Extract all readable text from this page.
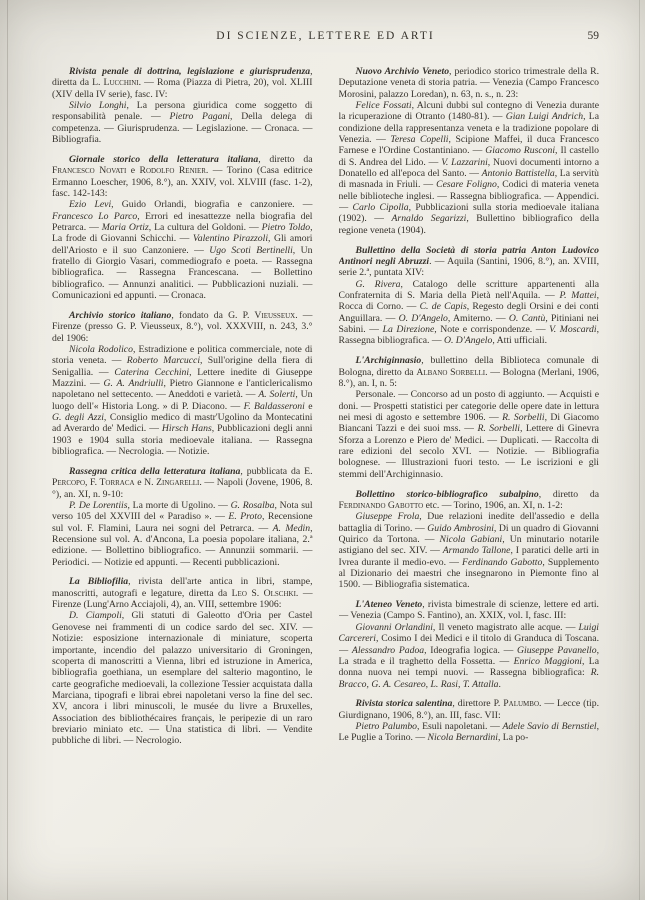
DI SCIENZE, LETTERE ED ARTI	59

Rivista penale di dottrina, legislazione e giurisprudenza, diretta da L. Lucchini. — Roma (Piazza di Pietra, 20), vol. XLIII (XIV della IV serie), fasc. IV:

Silvio Longhi, La persona giuridica come soggetto di responsabilità penale. — Pietro Pagani, Della delega di competenza. — Giurisprudenza. — Legislazione. — Cronaca. — Bibliografia.

Giornale storico della letteratura italiana, diretto da Francesco Novati e Rodolfo Renier. — Torino (Casa editrice Ermanno Loescher, 1906, 8.°), an. XXIV, vol. XLVIII (fasc. 1-2), fasc. 142-143:

Ezio Levi, Guido Orlandi, biografia e canzoniere. — Francesco Lo Parco, Errori ed inesattezze nella biografia del Petrarca. — Maria Ortiz, La cultura del Goldoni. — Pietro Toldo, La frode di Giovanni Schicchi. — Valentino Pirazzoli, Gli amori dell'Ariosto e il suo Canzoniere. — Ugo Scoti Bertinelli, Un fratello di Giorgio Vasari, commediografo e poeta. — Rassegna bibliografica. — Rassegna Francescana. — Bollettino bibliografico. — Annunzi analitici. — Pubblicazioni nuziali. — Comunicazioni ed appunti. — Cronaca.

Archivio storico italiano, fondato da G. P. Vieusseux. — Firenze (presso G. P. Vieusseux, 8.°), vol. XXXVIII, n. 243, 3.° del 1906:

Nicola Rodolico, Estradizione e politica commerciale, note di storia veneta. — Roberto Marcucci, Sull'origine della fiera di Senigallia. — Caterina Cecchini, Lettere inedite di Giuseppe Mazzini. — G. A. Andriulli, Pietro Giannone e l'anticlericalismo napoletano nel settecento. — Aneddoti e varietà. — A. Solerti, Un luogo dell'« Historia Long. » di P. Diacono. — F. Baldasseroni e G. degli Azzi, Consiglio medico di mastr'Ugolino da Montecatini ad Averardo de' Medici. — Hirsch Hans, Pubblicazioni degli anni 1903 e 1904 sulla storia medioevale italiana. — Rassegna bibliografica. — Necrologia. — Notizie.

Rassegna critica della letteratura italiana, pubblicata da E. Percopo, F. Torraca e N. Zingarelli. — Napoli (Jovene, 1906, 8.°), an. XI, n. 9-10:

P. De Lorentiis, La morte di Ugolino. — G. Rosalba, Nota sul verso 105 del XXVIII del « Paradiso ». — E. Proto, Recensione sul vol. F. Flamini, Laura nei sogni del Petrarca. — A. Medin, Recensione sul vol. A. d'Ancona, La poesia popolare italiana, 2.ª edizione. — Bollettino bibliografico. — Annunzii sommarii. — Periodici. — Notizie ed appunti. — Recenti pubblicazioni.

La Bibliofilia, rivista dell'arte antica in libri, stampe, manoscritti, autografi e legature, diretta da Leo S. Olschki. — Firenze (Lung'Arno Acciajoli, 4), an. VIII, settembre 1906:

D. Ciampoli, Gli statuti di Galeotto d'Oria per Castel Genovese nei frammenti di un codice sardo del sec. XIV. — Notizie: esposizione internazionale di miniature, scoperta importante, incendio del palazzo universitario di Groningen, scoperta di manoscritti a Vienna, libri ed istruzione in America, bibliografia goethiana, un esemplare del salterio magontino, le carte geografiche medioevali, la collezione Tessier acquistata dalla Marciana, tipografi e librai ebrei napoletani verso la fine del sec. XV, ancora i libri minuscoli, le musée du livre a Bruxelles, Association des bibliothécaires français, le peripezie di un raro breviario miniato etc. — Una statistica di libri. — Vendite pubbliche di libri. — Necrologio.

Nuovo Archivio Veneto, periodico storico trimestrale della R. Deputazione veneta di storia patria. — Venezia (Campo Francesco Morosini, palazzo Loredan), n. 63, n. s., n. 23:

Felice Fossati, Alcuni dubbi sul contegno di Venezia durante la ricuperazione di Otranto (1480-81). — Gian Luigi Andrich, La condizione della rappresentanza veneta e la tradizione popolare di Venezia. — Teresa Copelli, Scipione Maffei, il duca Francesco Farnese e l'Ordine Costantiniano. — Giacomo Rusconi, Il castello di S. Andrea del Lido. — V. Lazzarini, Nuovi documenti intorno a Donatello ed all'epoca del Santo. — Antonio Battistella, La servitù di masnada in Friuli. — Cesare Foligno, Codici di materia veneta nelle biblioteche inglesi. — Rassegna bibliografica. — Appendici. — Carlo Cipolla, Pubblicazioni sulla storia medioevale italiana (1902). — Arnaldo Segarizzi, Bullettino bibliografico della regione veneta (1904).

Bullettino della Società di storia patria Anton Ludovico Antinori negli Abruzzi. — Aquila (Santini, 1906, 8.°), an. XVIII, serie 2.ª, puntata XIV:

G. Rivera, Catalogo delle scritture appartenenti alla Confraternita di S. Maria della Pietà nell'Aquila. — P. Mattei, Rocca di Corno. — C. de Capis, Regesto degli Orsini e dei conti Anguillara. — O. D'Angelo, Amiterno. — O. Cantù, Pitiniani nei Sabini. — La Direzione, Note e corrispondenze. — V. Moscardi, Rassegna bibliografica. — O. D'Angelo, Atti ufficiali.

L'Archiginnasio, bullettino della Biblioteca comunale di Bologna, diretto da Albano Sorbelli. — Bologna (Merlani, 1906, 8.°), an. I, n. 5:

Personale. — Concorso ad un posto di aggiunto. — Acquisti e doni. — Prospetti statistici per categorie delle opere date in lettura nei mesi di agosto e settembre 1906. — R. Sorbelli, Di Giacomo Biancani Tazzi e dei suoi mss. — R. Sorbelli, Lettere di Ginevra Sforza a Lorenzo e Piero de' Medici. — Duplicati. — Raccolta di rare edizioni del secolo XVI. — Notizie. — Bibliografia bolognese. — Illustrazioni fuori testo. — Le iscrizioni e gli stemmi dell'Archiginnasio.

Bollettino storico-bibliografico subalpino, diretto da Ferdinando Gabotto etc. — Torino, 1906, an. XI, n. 1-2:

Giuseppe Frola, Due relazioni inedite dell'assedio e della battaglia di Torino. — Guido Ambrosini, Di un quadro di Giovanni Quirico da Tortona. — Nicola Gabiani, Un minutario notarile astigiano del sec. XIV. — Armando Tallone, I paratici delle arti in Ivrea durante il medio-evo. — Ferdinando Gabotto, Supplemento al Dizionario dei maestri che insegnarono in Piemonte fino al 1500. — Bibliografia sistematica.

L'Ateneo Veneto, rivista bimestrale di scienze, lettere ed arti. — Venezia (Campo S. Fantino), an. XXIX, vol. I, fasc. III:

Giovanni Orlandini, Il veneto magistrato alle acque. — Luigi Carcereri, Cosimo I dei Medici e il titolo di Granduca di Toscana. — Alessandro Padoa, Ideografia logica. — Giuseppe Pavanello, La strada e il traghetto della Fossetta. — Enrico Maggioni, La donna nuova nei tempi nuovi. — Rassegna bibliografica: R. Bracco, G. A. Cesareo, L. Rasi, T. Attalla.

Rivista storica salentina, direttore P. Palumbo. — Lecce (tip. Giurdignano, 1906, 8.°), an. III, fasc. VII:

Pietro Palumbo, Esuli napoletani. — Adele Savio di Bernstiel, Le Puglie a Torino. — Nicola Bernardini, La po-
